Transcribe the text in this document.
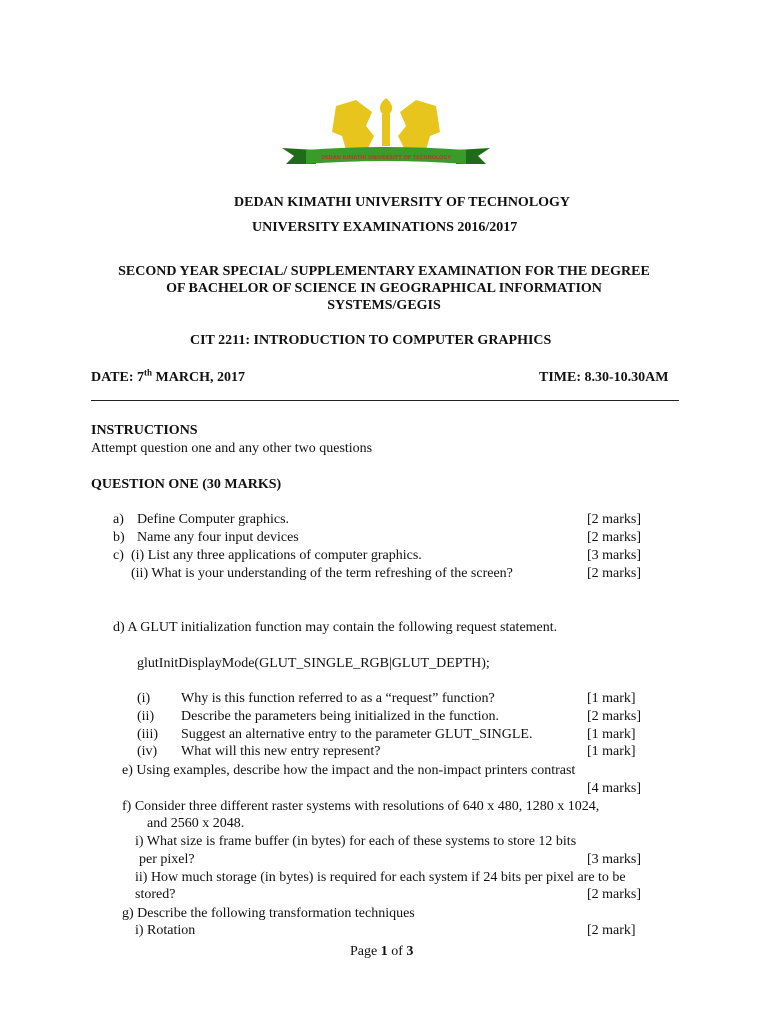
DEDAN KIMATHI UNIVERSITY OF TECHNOLOGY
DEDAN KIMATHI UNIVERSITY OF TECHNOLOGY
UNIVERSITY EXAMINATIONS 2016/2017
SECOND YEAR SPECIAL/ SUPPLEMENTARY EXAMINATION FOR THE DEGREE
OF BACHELOR OF SCIENCE IN GEOGRAPHICAL INFORMATION
SYSTEMS/GEGIS
CIT 2211: INTRODUCTION TO COMPUTER GRAPHICS
DATE: 7th MARCH, 2017	TIME: 8.30-10.30AM
INSTRUCTIONS
Attempt question one and any other two questions
QUESTION ONE (30 MARKS)
a) Define Computer graphics.	[2 marks]
b) Name any four input devices	[2 marks]
c) (i) List any three applications of computer graphics.	[3 marks]
(ii) What is your understanding of the term refreshing of the screen?	[2 marks]
d) A GLUT initialization function may contain the following request statement.
glutInitDisplayMode(GLUT_SINGLE_RGB|GLUT_DEPTH);
(i) Why is this function referred to as a “request” function?	[1 mark]
(ii) Describe the parameters being initialized in the function.	[2 marks]
(iii) Suggest an alternative entry to the parameter GLUT_SINGLE.	[1 mark]
(iv) What will this new entry represent?	[1 mark]
e) Using examples, describe how the impact and the non-impact printers contrast
[4 marks]
f) Consider three different raster systems with resolutions of 640 x 480, 1280 x 1024,
and 2560 x 2048.
i) What size is frame buffer (in bytes) for each of these systems to store 12 bits
per pixel?	[3 marks]
ii) How much storage (in bytes) is required for each system if 24 bits per pixel are to be
stored?	[2 marks]
g) Describe the following transformation techniques
i) Rotation	[2 mark]
Page 1 of 3
